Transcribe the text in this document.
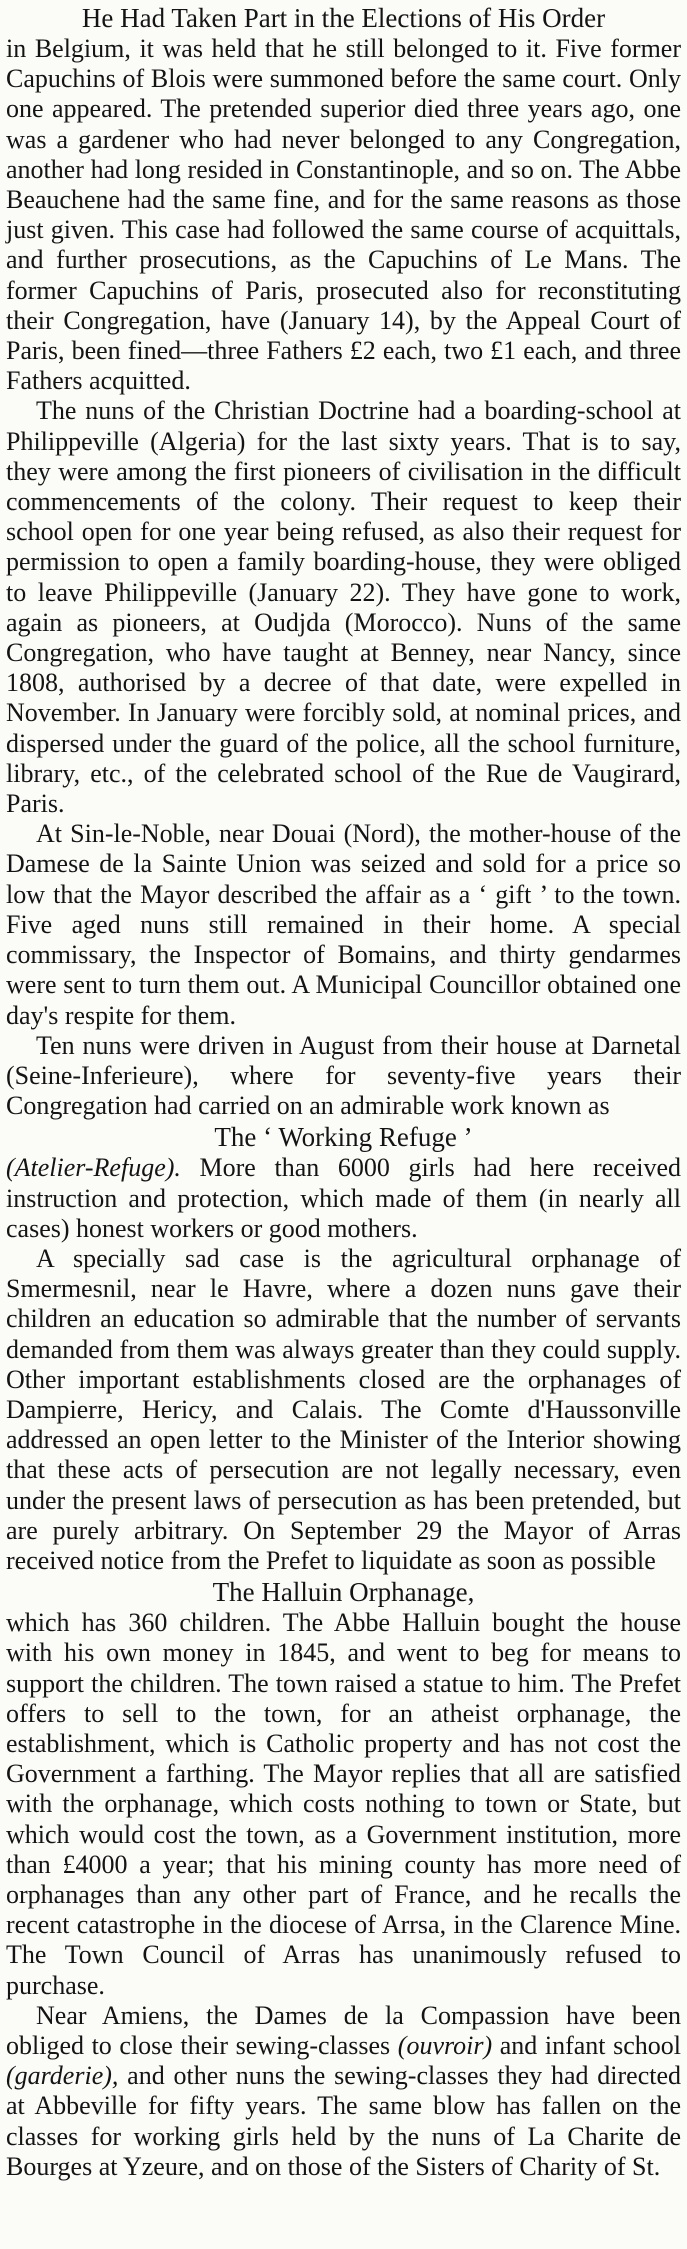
He Had Taken Part in the Elections of His Order

in Belgium, it was held that he still belonged to it. Five former Capuchins of Blois were summoned before the same court. Only one appeared. The pretended superior died three years ago, one was a gardener who had never belonged to any Congregation, another had long resided in Constantinople, and so on. The Abbe Beauchene had the same fine, and for the same reasons as those just given. This case had followed the same course of acquittals, and further prosecutions, as the Capuchins of Le Mans. The former Capuchins of Paris, prosecuted also for reconstituting their Congregation, have (January 14), by the Appeal Court of Paris, been fined—three Fathers £2 each, two £1 each, and three Fathers acquitted.

The nuns of the Christian Doctrine had a boarding-school at Philippeville (Algeria) for the last sixty years. That is to say, they were among the first pioneers of civilisation in the difficult commencements of the colony. Their request to keep their school open for one year being refused, as also their request for permission to open a family boarding-house, they were obliged to leave Philippeville (January 22). They have gone to work, again as pioneers, at Oudjda (Morocco). Nuns of the same Congregation, who have taught at Benney, near Nancy, since 1808, authorised by a decree of that date, were expelled in November. In January were forcibly sold, at nominal prices, and dispersed under the guard of the police, all the school furniture, library, etc., of the celebrated school of the Rue de Vaugirard, Paris.

At Sin-le-Noble, near Douai (Nord), the mother-house of the Damese de la Sainte Union was seized and sold for a price so low that the Mayor described the affair as a ‘ gift ’ to the town. Five aged nuns still remained in their home. A special commissary, the Inspector of Bomains, and thirty gendarmes were sent to turn them out. A Municipal Councillor obtained one day's respite for them.

Ten nuns were driven in August from their house at Darnetal (Seine-Inferieure), where for seventy-five years their Congregation had carried on an admirable work known as

The ‘ Working Refuge ’

(Atelier-Refuge). More than 6000 girls had here received instruction and protection, which made of them (in nearly all cases) honest workers or good mothers.

A specially sad case is the agricultural orphanage of Smermesnil, near le Havre, where a dozen nuns gave their children an education so admirable that the number of servants demanded from them was always greater than they could supply. Other important establishments closed are the orphanages of Dampierre, Hericy, and Calais. The Comte d'Haussonville addressed an open letter to the Minister of the Interior showing that these acts of persecution are not legally necessary, even under the present laws of persecution as has been pretended, but are purely arbitrary. On September 29 the Mayor of Arras received notice from the Prefet to liquidate as soon as possible

The Halluin Orphanage,

which has 360 children. The Abbe Halluin bought the house with his own money in 1845, and went to beg for means to support the children. The town raised a statue to him. The Prefet offers to sell to the town, for an atheist orphanage, the establishment, which is Catholic property and has not cost the Government a farthing. The Mayor replies that all are satisfied with the orphanage, which costs nothing to town or State, but which would cost the town, as a Government institution, more than £4000 a year; that his mining county has more need of orphanages than any other part of France, and he recalls the recent catastrophe in the diocese of Arrsa, in the Clarence Mine. The Town Council of Arras has unanimously refused to purchase.

Near Amiens, the Dames de la Compassion have been obliged to close their sewing-classes (ouvroir) and infant school (garderie), and other nuns the sewing-classes they had directed at Abbeville for fifty years. The same blow has fallen on the classes for working girls held by the nuns of La Charite de Bourges at Yzeure, and on those of the Sisters of Charity of St.
